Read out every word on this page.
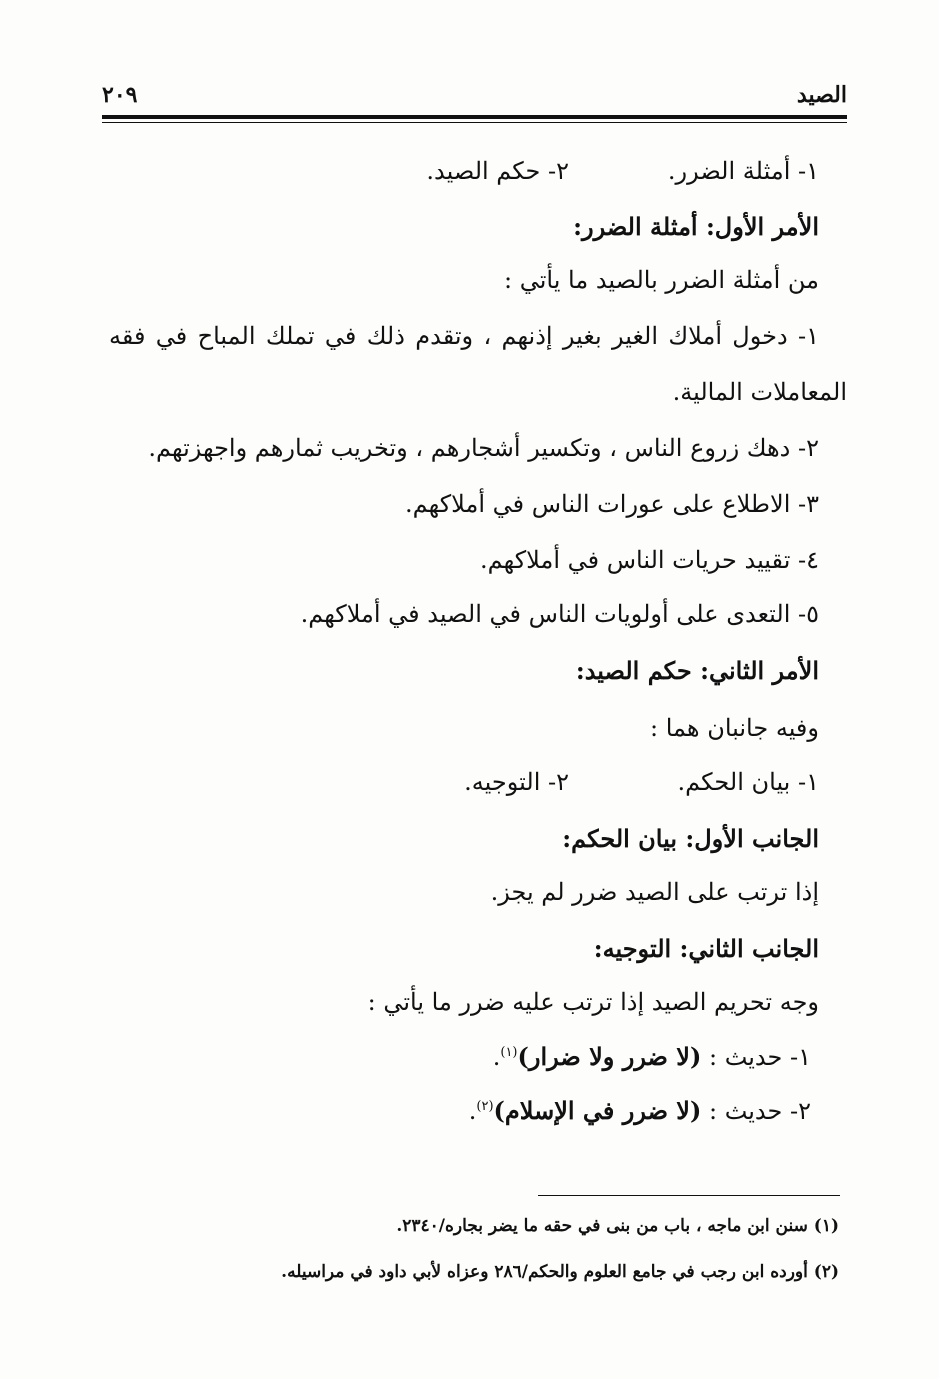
الصيد
٢٠٩
١- أمثلة الضرر.
٢- حكم الصيد.
الأمر الأول: أمثلة الضرر:
من أمثلة الضرر بالصيد ما يأتي :
١- دخول أملاك الغير بغير إذنهم ، وتقدم ذلك في تملك المباح في فقه
المعاملات المالية.
٢- دهك زروع الناس ، وتكسير أشجارهم ، وتخريب ثمارهم واجهزتهم.
٣- الاطلاع على عورات الناس في أملاكهم.
٤- تقييد حريات الناس في أملاكهم.
٥- التعدى على أولويات الناس في الصيد في أملاكهم.
الأمر الثاني: حكم الصيد:
وفيه جانبان هما :
١- بيان الحكم.
٢- التوجيه.
الجانب الأول: بيان الحكم:
إذا ترتب على الصيد ضرر لم يجز.
الجانب الثاني: التوجيه:
وجه تحريم الصيد إذا ترتب عليه ضرر ما يأتي :
١- حديث : (لا ضرر ولا ضرار)$^{(١)}$.
٢- حديث : (لا ضرر في الإسلام)$^{(٢)}$.
(١) سنن ابن ماجه ، باب من بنى في حقه ما يضر بجاره/٢٣٤٠.
(٢) أورده ابن رجب في جامع العلوم والحكم/٢٨٦ وعزاه لأبي داود في مراسيله.
